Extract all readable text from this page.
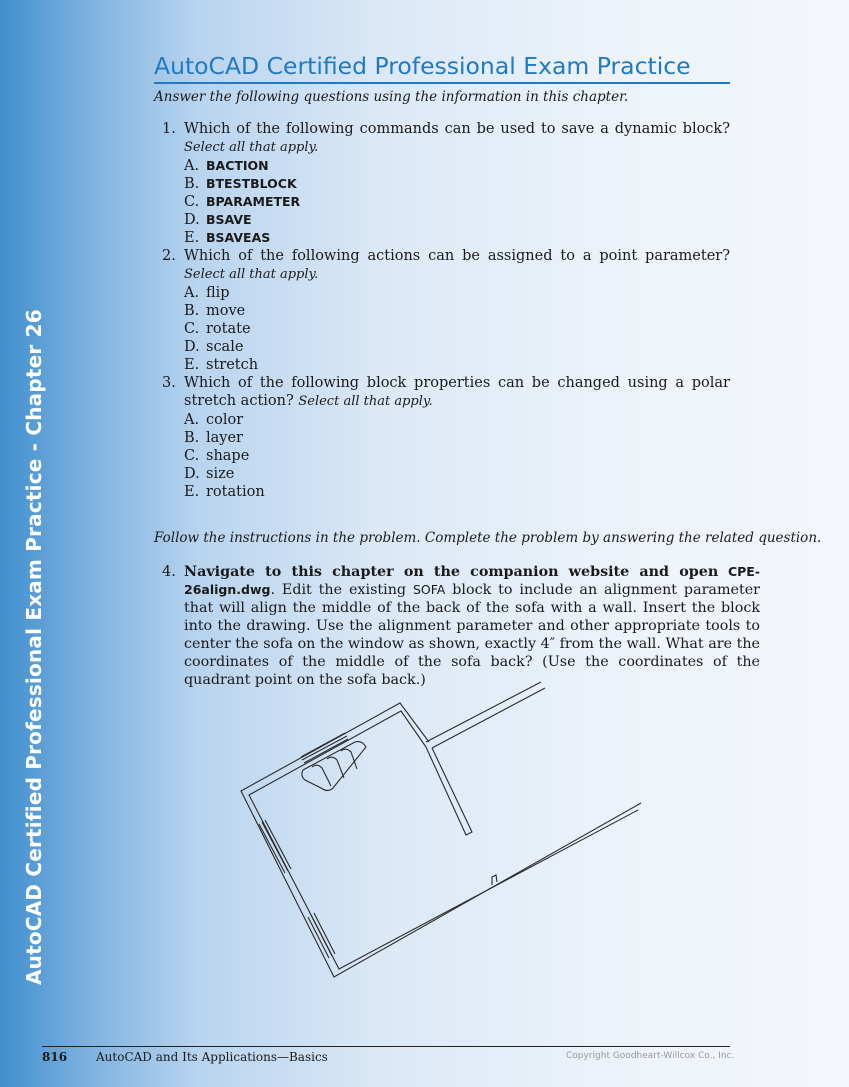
AutoCAD Certified Professional Exam Practice - Chapter 26
AutoCAD Certified Professional Exam Practice
Answer the following questions using the information in this chapter.
1. Which of the following commands can be used to save a dynamic block? Select all that apply.
A. BACTION
B. BTESTBLOCK
C. BPARAMETER
D. BSAVE
E. BSAVEAS
2. Which of the following actions can be assigned to a point parameter? Select all that apply.
A. flip
B. move
C. rotate
D. scale
E. stretch
3. Which of the following block properties can be changed using a polar stretch action? Select all that apply.
A. color
B. layer
C. shape
D. size
E. rotation
Follow the instructions in the problem. Complete the problem by answering the related question.
4. Navigate to this chapter on the companion website and open CPE-26align.dwg. Edit the existing SOFA block to include an alignment parameter that will align the middle of the back of the sofa with a wall. Insert the block into the drawing. Use the alignment parameter and other appropriate tools to center the sofa on the window as shown, exactly 4″ from the wall. What are the coordinates of the middle of the sofa back? (Use the coordinates of the quadrant point on the sofa back.)
816 AutoCAD and Its Applications—Basics	Copyright Goodheart-Willcox Co., Inc.
